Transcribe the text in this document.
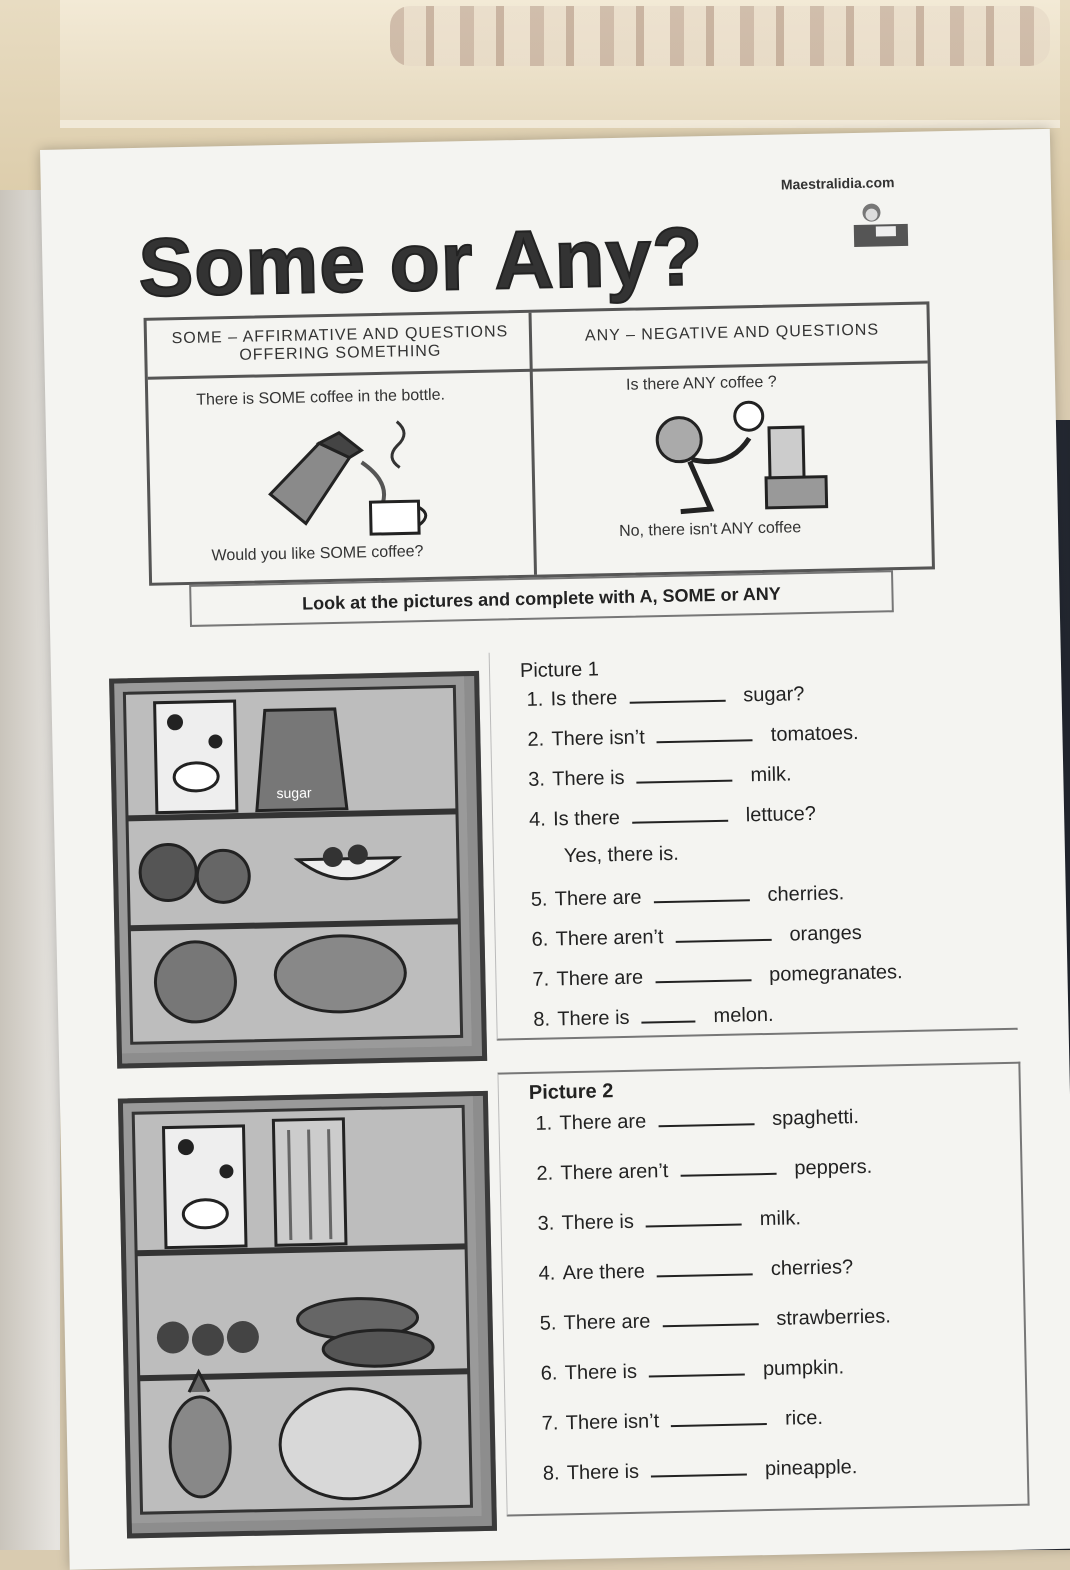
Maestralidia.com
Some or Any?
SOME – AFFIRMATIVE AND QUESTIONS OFFERING SOMETHING
ANY – NEGATIVE AND QUESTIONS
There is SOME coffee in the bottle.
Would you like SOME coffee?
Is there ANY coffee ?
No, there isn't ANY coffee
Look at the pictures and complete with A, SOME or ANY
sugar
Picture 1
1. Is there	sugar?
2. There isn’t	tomatoes.
3. There is	milk.
4. Is there	lettuce?
Yes, there is.
5. There are	cherries.
6. There aren’t	oranges
7. There are	pomegranates.
8. There is	melon.
Picture 2
1. There are	spaghetti.
2. There aren’t	peppers.
3. There is	milk.
4. Are there	cherries?
5. There are	strawberries.
6. There is	pumpkin.
7. There isn’t	rice.
8. There is	pineapple.
